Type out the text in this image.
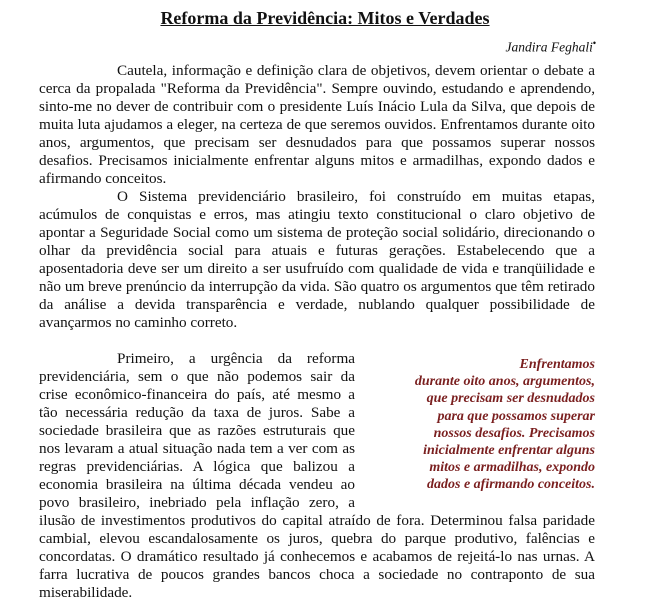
Reforma da Previdência: Mitos e Verdades
Jandira Feghali•

Cautela, informação e definição clara de objetivos, devem orientar o debate a cerca da propalada "Reforma da Previdência". Sempre ouvindo, estudando e aprendendo, sinto-me no dever de contribuir com o presidente Luís Inácio Lula da Silva, que depois de muita luta ajudamos a eleger, na certeza de que seremos ouvidos. Enfrentamos durante oito anos, argumentos, que precisam ser desnudados para que possamos superar nossos desafios. Precisamos inicialmente enfrentar alguns mitos e armadilhas, expondo dados e afirmando conceitos.

O Sistema previdenciário brasileiro, foi construído em muitas etapas, acúmulos de conquistas e erros, mas atingiu texto constitucional o claro objetivo de apontar a Seguridade Social como um sistema de proteção social solidário, direcionando o olhar da previdência social para atuais e futuras gerações. Estabelecendo que a aposentadoria deve ser um direito a ser usufruído com qualidade de vida e tranqüilidade e não um breve prenúncio da interrupção da vida. São quatro os argumentos que têm retirado da análise a devida transparência e verdade, nublando qualquer possibilidade de avançarmos no caminho correto.

Enfrentamos
durante oito anos, argumentos,
que precisam ser desnudados
para que possamos superar
nossos desafios. Precisamos
inicialmente enfrentar alguns
mitos e armadilhas, expondo
dados e afirmando conceitos.
Primeiro, a urgência da reforma previdenciária, sem o que não podemos sair da crise econômico-financeira do país, até mesmo a tão necessária redução da taxa de juros. Sabe a sociedade brasileira que as razões estruturais que nos levaram a atual situação nada tem a ver com as regras previdenciárias. A lógica que balizou a economia brasileira na última década vendeu ao povo brasileiro, inebriado pela inflação zero, a ilusão de investimentos produtivos do capital atraído de fora. Determinou falsa paridade cambial, elevou escandalosamente os juros, quebra do parque produtivo, falências e concordatas. O dramático resultado já conhecemos e acabamos de rejeitá-lo nas urnas. A farra lucrativa de poucos grandes bancos choca a sociedade no contraponto de sua miserabilidade.
